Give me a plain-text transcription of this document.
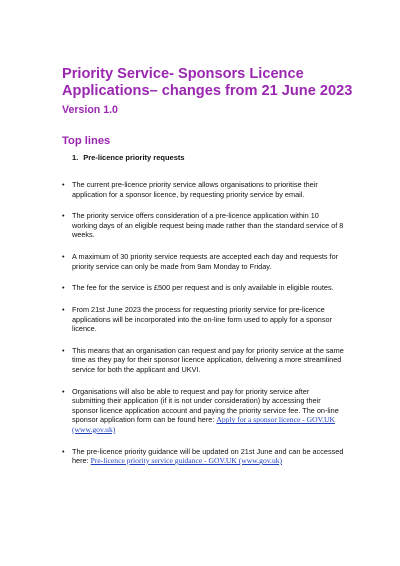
Priority Service- Sponsors Licence Applications– changes from 21 June 2023
Version 1.0
Top lines
1. Pre-licence priority requests
• The current pre-licence priority service allows organisations to prioritise their application for a sponsor licence, by requesting priority service by email.
• The priority service offers consideration of a pre-licence application within 10 working days of an eligible request being made rather than the standard service of 8 weeks.
• A maximum of 30 priority service requests are accepted each day and requests for priority service can only be made from 9am Monday to Friday.
• The fee for the service is £500 per request and is only available in eligible routes.
• From 21st June 2023 the process for requesting priority service for pre-licence applications will be incorporated into the on-line form used to apply for a sponsor licence.
• This means that an organisation can request and pay for priority service at the same time as they pay for their sponsor licence application, delivering a more streamlined service for both the applicant and UKVI.
• Organisations will also be able to request and pay for priority service after submitting their application (if it is not under consideration) by accessing their sponsor licence application account and paying the priority service fee. The on-line sponsor application form can be found here: Apply for a sponsor licence - GOV.UK (www.gov.uk)
• The pre-licence priority guidance will be updated on 21st June and can be accessed here: Pre-licence priority service guidance - GOV.UK (www.gov.uk)
